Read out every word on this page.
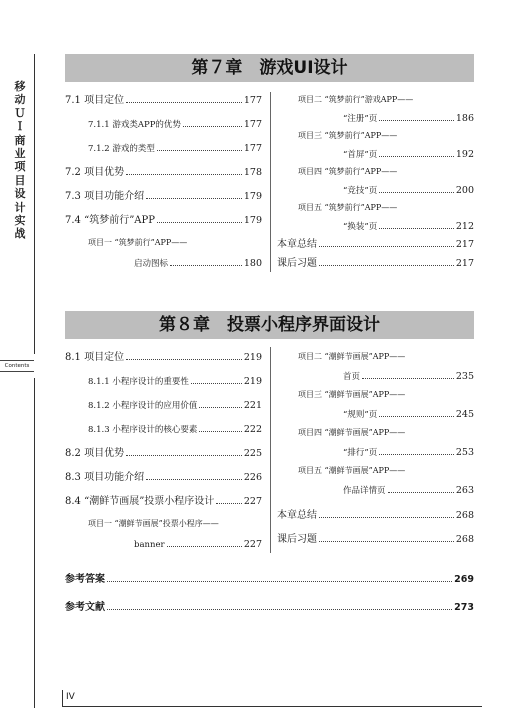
移动ＵＩ商业项目设计实战
Contents
第７章　游戏UI设计
7.1 项目定位	177
7.1.1 游戏类APP的优势	177
7.1.2 游戏的类型	177
7.2 项目优势	178
7.3 项目功能介绍	179
7.4 “筑梦前行”APP	179
项目一 “筑梦前行”APP——
启动图标	180
项目二 “筑梦前行”游戏APP——
“注册”页	186
项目三 “筑梦前行”APP——
“首屏”页	192
项目四 “筑梦前行”APP——
“竞技”页	200
项目五 “筑梦前行”APP——
“换装”页	212
本章总结	217
课后习题	217
第８章　投票小程序界面设计
8.1 项目定位	219
8.1.1 小程序设计的重要性	219
8.1.2 小程序设计的应用价值	221
8.1.3 小程序设计的核心要素	222
8.2 项目优势	225
8.3 项目功能介绍	226
8.4 “潮鲜节画展”投票小程序设计	227
项目一 “潮鲜节画展”投票小程序——
banner	227
项目二 “潮鲜节画展”APP——
首页	235
项目三 “潮鲜节画展”APP——
“规则”页	245
项目四 “潮鲜节画展”APP——
“排行”页	253
项目五 “潮鲜节画展”APP——
作品详情页	263
本章总结	268
课后习题	268
参考答案	269
参考文献	273
IV
